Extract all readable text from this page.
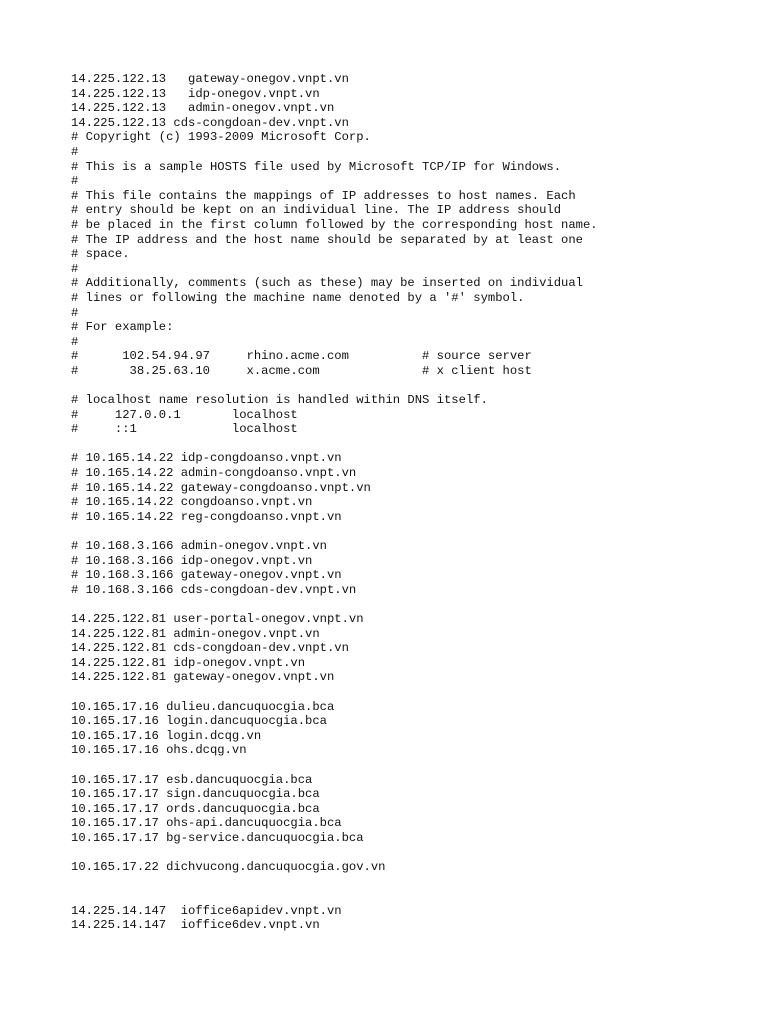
14.225.122.13   gateway-onegov.vnpt.vn
14.225.122.13   idp-onegov.vnpt.vn
14.225.122.13   admin-onegov.vnpt.vn
14.225.122.13 cds-congdoan-dev.vnpt.vn
# Copyright (c) 1993-2009 Microsoft Corp.
#
# This is a sample HOSTS file used by Microsoft TCP/IP for Windows.
#
# This file contains the mappings of IP addresses to host names. Each
# entry should be kept on an individual line. The IP address should
# be placed in the first column followed by the corresponding host name.
# The IP address and the host name should be separated by at least one
# space.
#
# Additionally, comments (such as these) may be inserted on individual
# lines or following the machine name denoted by a '#' symbol.
#
# For example:
#
#      102.54.94.97     rhino.acme.com          # source server
#       38.25.63.10     x.acme.com              # x client host
# localhost name resolution is handled within DNS itself.
#     127.0.0.1       localhost
#     ::1             localhost
# 10.165.14.22 idp-congdoanso.vnpt.vn
# 10.165.14.22 admin-congdoanso.vnpt.vn
# 10.165.14.22 gateway-congdoanso.vnpt.vn
# 10.165.14.22 congdoanso.vnpt.vn
# 10.165.14.22 reg-congdoanso.vnpt.vn
# 10.168.3.166 admin-onegov.vnpt.vn
# 10.168.3.166 idp-onegov.vnpt.vn
# 10.168.3.166 gateway-onegov.vnpt.vn
# 10.168.3.166 cds-congdoan-dev.vnpt.vn
14.225.122.81 user-portal-onegov.vnpt.vn
14.225.122.81 admin-onegov.vnpt.vn
14.225.122.81 cds-congdoan-dev.vnpt.vn
14.225.122.81 idp-onegov.vnpt.vn
14.225.122.81 gateway-onegov.vnpt.vn
10.165.17.16 dulieu.dancuquocgia.bca
10.165.17.16 login.dancuquocgia.bca
10.165.17.16 login.dcqg.vn
10.165.17.16 ohs.dcqg.vn
10.165.17.17 esb.dancuquocgia.bca
10.165.17.17 sign.dancuquocgia.bca
10.165.17.17 ords.dancuquocgia.bca
10.165.17.17 ohs-api.dancuquocgia.bca
10.165.17.17 bg-service.dancuquocgia.bca
10.165.17.22 dichvucong.dancuquocgia.gov.vn
14.225.14.147  ioffice6apidev.vnpt.vn
14.225.14.147  ioffice6dev.vnpt.vn
